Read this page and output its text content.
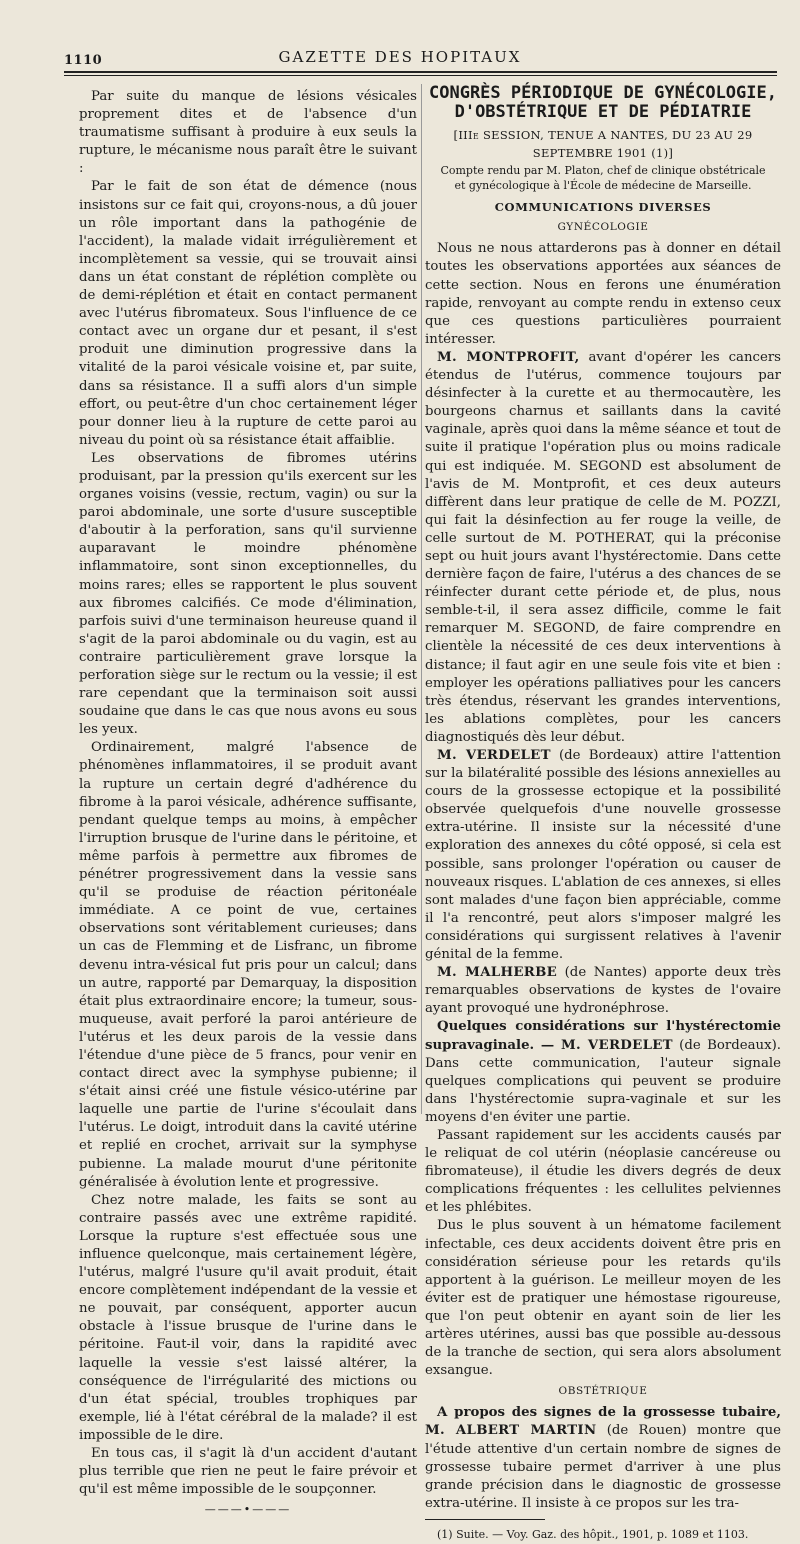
1110	GAZETTE DES HOPITAUX

Par suite du manque de lésions vésicales proprement dites et de l'absence d'un traumatisme suffisant à produire à eux seuls la rupture, le mécanisme nous paraît être le suivant :

Par le fait de son état de démence (nous insistons sur ce fait qui, croyons-nous, a dû jouer un rôle important dans la pathogénie de l'accident), la malade vidait irrégulièrement et incomplètement sa vessie, qui se trouvait ainsi dans un état constant de réplétion complète ou de demi-réplétion et était en contact permanent avec l'utérus fibromateux. Sous l'influence de ce contact avec un organe dur et pesant, il s'est produit une diminution progressive dans la vitalité de la paroi vésicale voisine et, par suite, dans sa résistance. Il a suffi alors d'un simple effort, ou peut-être d'un choc certainement léger pour donner lieu à la rupture de cette paroi au niveau du point où sa résistance était affaiblie.

Les observations de fibromes utérins produisant, par la pression qu'ils exercent sur les organes voisins (vessie, rectum, vagin) ou sur la paroi abdominale, une sorte d'usure susceptible d'aboutir à la perforation, sans qu'il survienne auparavant le moindre phénomène inflammatoire, sont sinon exceptionnelles, du moins rares; elles se rapportent le plus souvent aux fibromes calcifiés. Ce mode d'élimination, parfois suivi d'une terminaison heureuse quand il s'agit de la paroi abdominale ou du vagin, est au contraire particulièrement grave lorsque la perforation siège sur le rectum ou la vessie; il est rare cependant que la terminaison soit aussi soudaine que dans le cas que nous avons eu sous les yeux.

Ordinairement, malgré l'absence de phénomènes inflammatoires, il se produit avant la rupture un certain degré d'adhérence du fibrome à la paroi vésicale, adhérence suffisante, pendant quelque temps au moins, à empêcher l'irruption brusque de l'urine dans le péritoine, et même parfois à permettre aux fibromes de pénétrer progressivement dans la vessie sans qu'il se produise de réaction péritonéale immédiate. A ce point de vue, certaines observations sont véritablement curieuses; dans un cas de Flemming et de Lisfranc, un fibrome devenu intra-vésical fut pris pour un calcul; dans un autre, rapporté par Demarquay, la disposition était plus extraordinaire encore; la tumeur, sous-muqueuse, avait perforé la paroi antérieure de l'utérus et les deux parois de la vessie dans l'étendue d'une pièce de 5 francs, pour venir en contact direct avec la symphyse pubienne; il s'était ainsi créé une fistule vésico-utérine par laquelle une partie de l'urine s'écoulait dans l'utérus. Le doigt, introduit dans la cavité utérine et replié en crochet, arrivait sur la symphyse pubienne. La malade mourut d'une péritonite généralisée à évolution lente et progressive.

Chez notre malade, les faits se sont au contraire passés avec une extrême rapidité. Lorsque la rupture s'est effectuée sous une influence quelconque, mais certainement légère, l'utérus, malgré l'usure qu'il avait produit, était encore complètement indépendant de la vessie et ne pouvait, par conséquent, apporter aucun obstacle à l'issue brusque de l'urine dans le péritoine. Faut-il voir, dans la rapidité avec laquelle la vessie s'est laissé altérer, la conséquence de l'irrégularité des mictions ou d'un état spécial, troubles trophiques par exemple, lié à l'état cérébral de la malade? il est impossible de le dire.

En tous cas, il s'agit là d'un accident d'autant plus terrible que rien ne peut le faire prévoir et qu'il est même impossible de le soupçonner.

———•———
CONGRÈS PÉRIODIQUE DE GYNÉCOLOGIE,
D'OBSTÉTRIQUE ET DE PÉDIATRIE

[IIIe SESSION, TENUE A NANTES, DU 23 AU 29 SEPTEMBRE 1901 (1)]

Compte rendu par M. Platon, chef de clinique obstétricale

et gynécologique à l'École de médecine de Marseille.

COMMUNICATIONS DIVERSES

GYNÉCOLOGIE

Nous ne nous attarderons pas à donner en détail toutes les observations apportées aux séances de cette section. Nous en ferons une énumération rapide, renvoyant au compte rendu in extenso ceux que ces questions particulières pourraient intéresser.

M. MONTPROFIT, avant d'opérer les cancers étendus de l'utérus, commence toujours par désinfecter à la curette et au thermocautère, les bourgeons charnus et saillants dans la cavité vaginale, après quoi dans la même séance et tout de suite il pratique l'opération plus ou moins radicale qui est indiquée. M. SEGOND est absolument de l'avis de M. Montprofit, et ces deux auteurs diffèrent dans leur pratique de celle de M. POZZI, qui fait la désinfection au fer rouge la veille, de celle surtout de M. POTHERAT, qui la préconise sept ou huit jours avant l'hystérectomie. Dans cette dernière façon de faire, l'utérus a des chances de se réinfecter durant cette période et, de plus, nous semble-t-il, il sera assez difficile, comme le fait remarquer M. SEGOND, de faire comprendre en clientèle la nécessité de ces deux interventions à distance; il faut agir en une seule fois vite et bien : employer les opérations palliatives pour les cancers très étendus, réservant les grandes interventions, les ablations complètes, pour les cancers diagnostiqués dès leur début.

M. VERDELET (de Bordeaux) attire l'attention sur la bilatéralité possible des lésions annexielles au cours de la grossesse ectopique et la possibilité observée quelquefois d'une nouvelle grossesse extra-utérine. Il insiste sur la nécessité d'une exploration des annexes du côté opposé, si cela est possible, sans prolonger l'opération ou causer de nouveaux risques. L'ablation de ces annexes, si elles sont malades d'une façon bien appréciable, comme il l'a rencontré, peut alors s'imposer malgré les considérations qui surgissent relatives à l'avenir génital de la femme.

M. MALHERBE (de Nantes) apporte deux très remarquables observations de kystes de l'ovaire ayant provoqué une hydronéphrose.

Quelques considérations sur l'hystérectomie supravaginale. — M. VERDELET (de Bordeaux). Dans cette communication, l'auteur signale quelques complications qui peuvent se produire dans l'hystérectomie supra-vaginale et sur les moyens d'en éviter une partie.

Passant rapidement sur les accidents causés par le reliquat de col utérin (néoplasie cancéreuse ou fibromateuse), il étudie les divers degrés de deux complications fréquentes : les cellulites pelviennes et les phlébites.

Dus le plus souvent à un hématome facilement infectable, ces deux accidents doivent être pris en considération sérieuse pour les retards qu'ils apportent à la guérison. Le meilleur moyen de les éviter est de pratiquer une hémostase rigoureuse, que l'on peut obtenir en ayant soin de lier les artères utérines, aussi bas que possible au-dessous de la tranche de section, qui sera alors absolument exsangue.

OBSTÉTRIQUE

A propos des signes de la grossesse tubaire, M. ALBERT MARTIN (de Rouen) montre que l'étude attentive d'un certain nombre de signes de grossesse tubaire permet d'arriver à une plus grande précision dans le diagnostic de grossesse extra-utérine. Il insiste à ce propos sur les tra-

(1) Suite. — Voy. Gaz. des hôpit., 1901, p. 1089 et 1103.
